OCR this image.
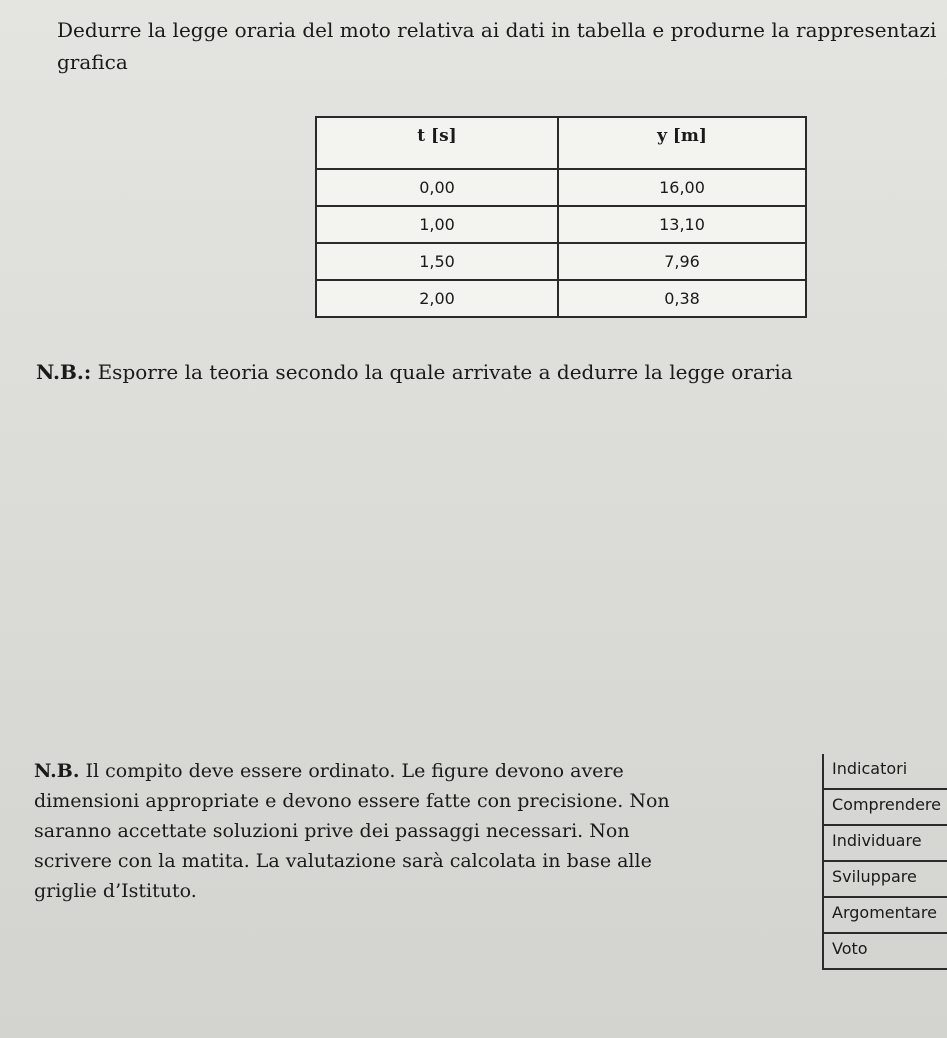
Dedurre la legge oraria del moto relativa ai dati in tabella e produrne la rappresentazi
grafica
t [s]	y [m]
0,00	16,00
1,00	13,10
1,50	7,96
2,00	0,38
N.B.: Esporre la teoria secondo la quale arrivate a dedurre la legge oraria
N.B. Il compito deve essere ordinato. Le figure devono avere
dimensioni appropriate e devono essere fatte con precisione. Non
saranno accettate soluzioni prive dei passaggi necessari. Non
scrivere con la matita. La valutazione sarà calcolata in base alle
griglie d’Istituto.
Indicatori
Comprendere
Individuare
Sviluppare
Argomentare
Voto
